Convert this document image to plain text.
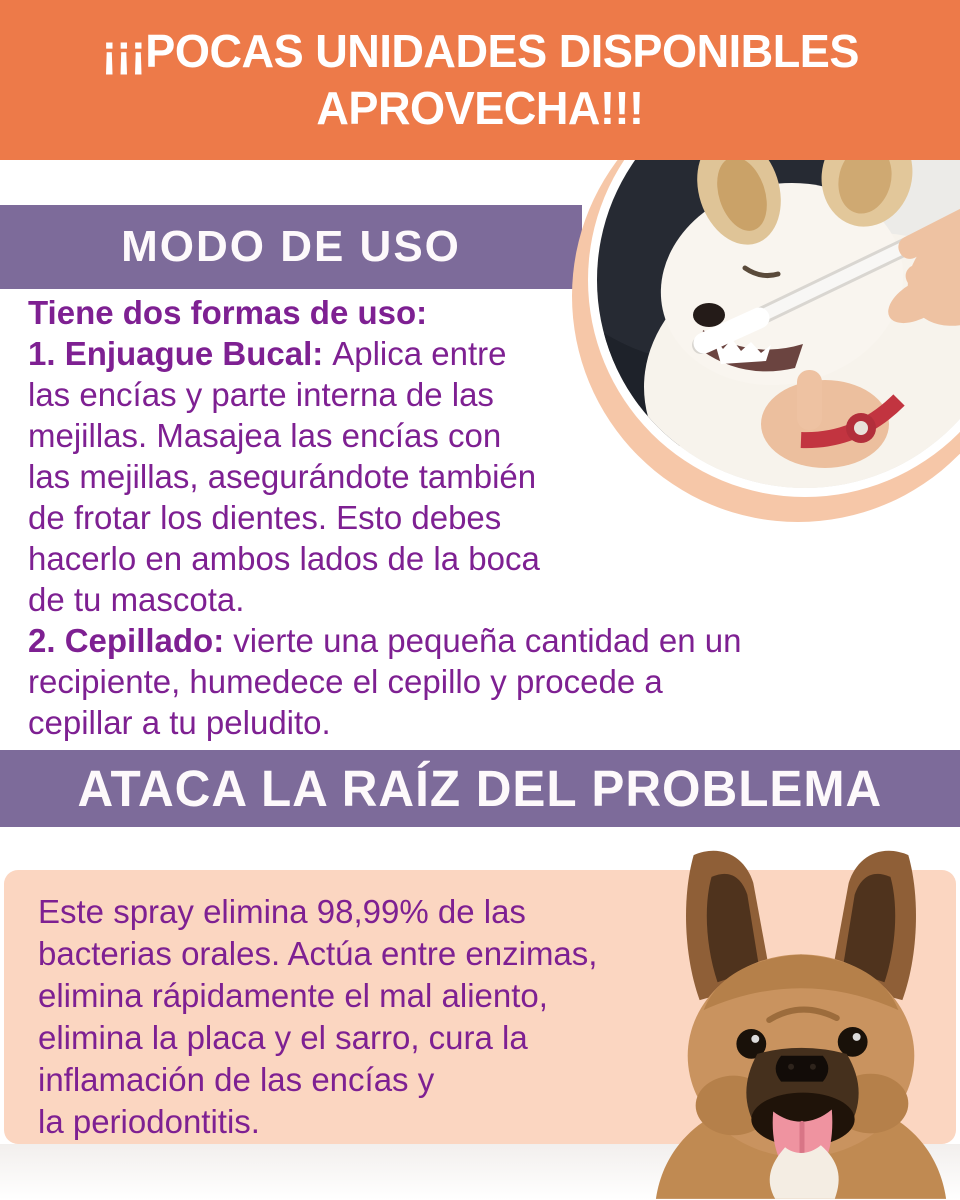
¡¡¡POCAS UNIDADES DISPONIBLES
APROVECHA!!!
MODO DE USO
Tiene dos formas de uso:
1. Enjuague Bucal: Aplica entre
las encías y parte interna de las
mejillas. Masajea las encías con
las mejillas, asegurándote también
de frotar los dientes. Esto debes
hacerlo en ambos lados de la boca
de tu mascota.
2. Cepillado: vierte una pequeña cantidad en un
recipiente, humedece el cepillo y procede a
cepillar a tu peludito.
ATACA LA RAÍZ DEL PROBLEMA
Este spray elimina 98,99% de las
bacterias orales. Actúa entre enzimas,
elimina rápidamente el mal aliento,
elimina la placa y el sarro, cura la
inflamación de las encías y
la periodontitis.
